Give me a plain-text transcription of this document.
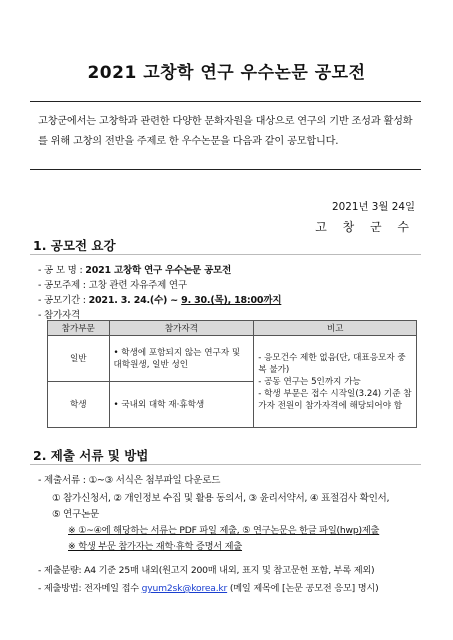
2021 고창학 연구 우수논문 공모전
고창군에서는 고창학과 관련한 다양한 문화자원을 대상으로 연구의 기반 조성과 활성화를 위해 고창의 전반을 주제로 한 우수논문을 다음과 같이 공모합니다.
2021년 3월 24일
고 창 군 수
1. 공모전 요강
- 공 모 명 : 2021 고창학 연구 우수논문 공모전
- 공모주제 : 고창 관련 자유주제 연구
- 공모기간 : 2021. 3. 24.(수) ~ 9. 30.(목), 18:00까지
- 참가자격
참가부문	참가자격	비고
일반	• 학생에 포함되지 않는 연구자 및 대학원생, 일반 성인	- 응모건수 제한 없음(단, 대표응모자 중복 불가)
- 공동 연구는 5인까지 가능
- 학생 부문은 접수 시작일(3.24) 기준 참가자 전원이 참가자격에 해당되어야 함

학생	• 국내외 대학 재·휴학생	
2. 제출 서류 및 방법
- 제출서류 : ①~③ 서식은 첨부파일 다운로드
① 참가신청서, ② 개인정보 수집 및 활용 동의서, ③ 윤리서약서, ④ 표절검사 확인서,
⑤ 연구논문
※ ①~④에 해당하는 서류는 PDF 파일 제출, ⑤ 연구논문은 한글 파일(hwp)제출
※ 학생 부문 참가자는 재학·휴학 증명서 제출
- 제출분량: A4 기준 25매 내외(원고지 200매 내외, 표지 및 참고문헌 포함, 부록 제외)
- 제출방법: 전자메일 접수 gyum2sk@korea.kr (메일 제목에 [논문 공모전 응모] 명시)
